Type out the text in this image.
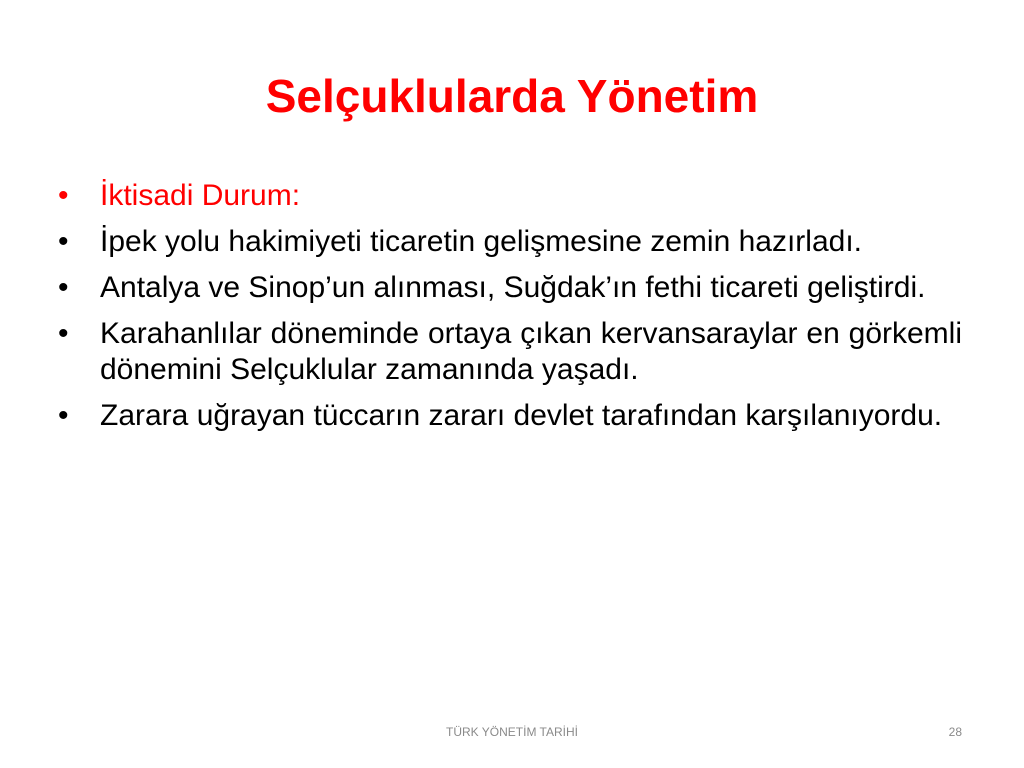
Selçuklularda Yönetim
•	İktisadi Durum:
•	İpek yolu hakimiyeti ticaretin gelişmesine zemin hazırladı.
•	Antalya ve Sinop’un alınması, Suğdak’ın fethi ticareti geliştirdi.
•	Karahanlılar döneminde ortaya çıkan kervansaraylar en görkemli dönemini Selçuklular zamanında yaşadı.
•	Zarara uğrayan tüccarın zararı devlet tarafından karşılanıyordu.
TÜRK YÖNETİM TARİHİ	28
